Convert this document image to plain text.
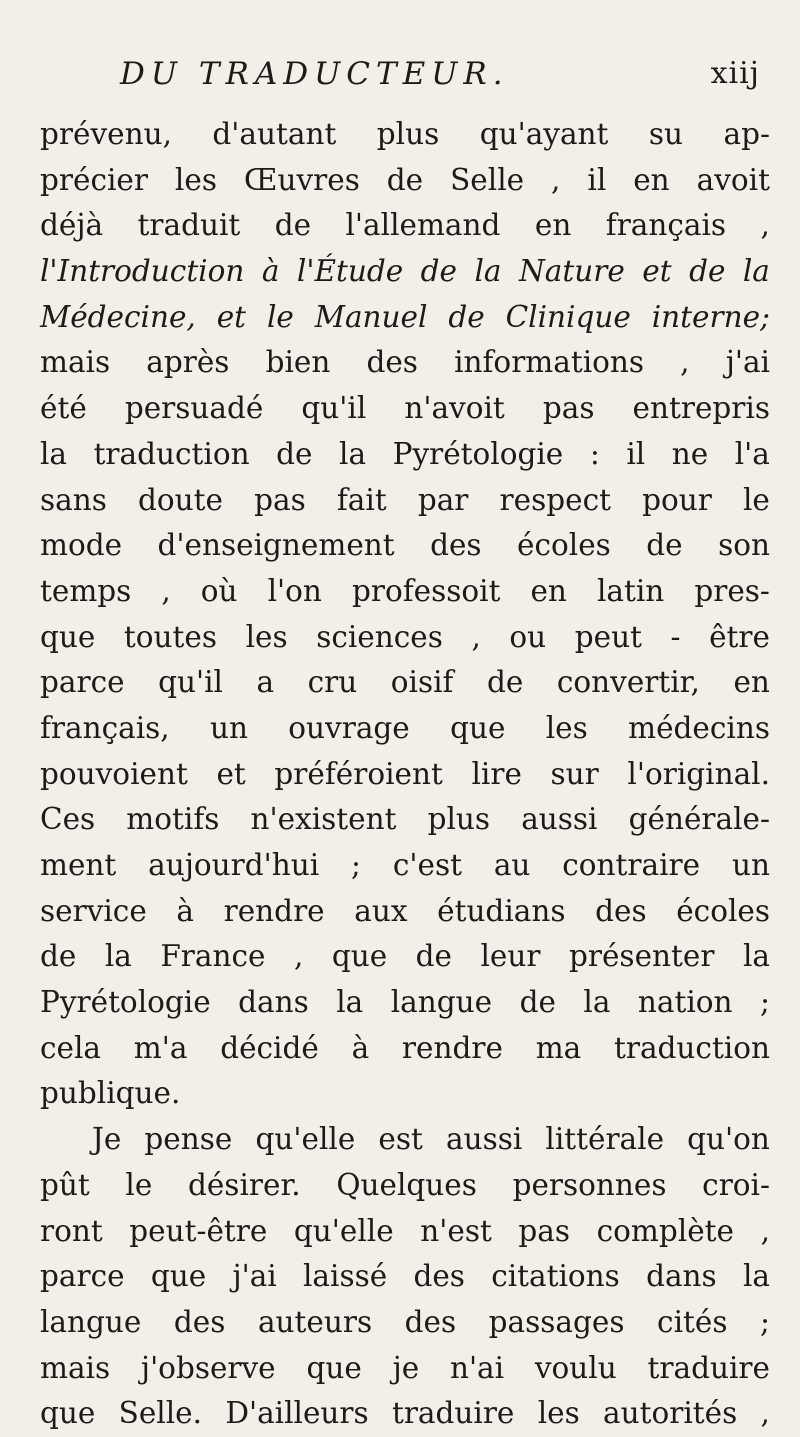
DU TRADUCTEUR.	xiij
prévenu, d'autant plus qu'ayant su ap-
précier les Œuvres de Selle , il en avoit
déjà traduit de l'allemand en français ,
l'Introduction à l'Étude de la Nature et de la
Médecine, et le Manuel de Clinique interne;
mais après bien des informations , j'ai
été persuadé qu'il n'avoit pas entrepris
la traduction de la Pyrétologie : il ne l'a
sans doute pas fait par respect pour le
mode d'enseignement des écoles de son
temps , où l'on professoit en latin pres-
que toutes les sciences , ou peut - être
parce qu'il a cru oisif de convertir, en
français, un ouvrage que les médecins
pouvoient et préféroient lire sur l'original.
Ces motifs n'existent plus aussi générale-
ment aujourd'hui ; c'est au contraire un
service à rendre aux étudians des écoles
de la France , que de leur présenter la
Pyrétologie dans la langue de la nation ;
cela m'a décidé à rendre ma traduction
publique.
Je pense qu'elle est aussi littérale qu'on
pût le désirer. Quelques personnes croi-
ront peut-être qu'elle n'est pas complète ,
parce que j'ai laissé des citations dans la
langue des auteurs des passages cités ;
mais j'observe que je n'ai voulu traduire
que Selle. D'ailleurs traduire les autorités ,
